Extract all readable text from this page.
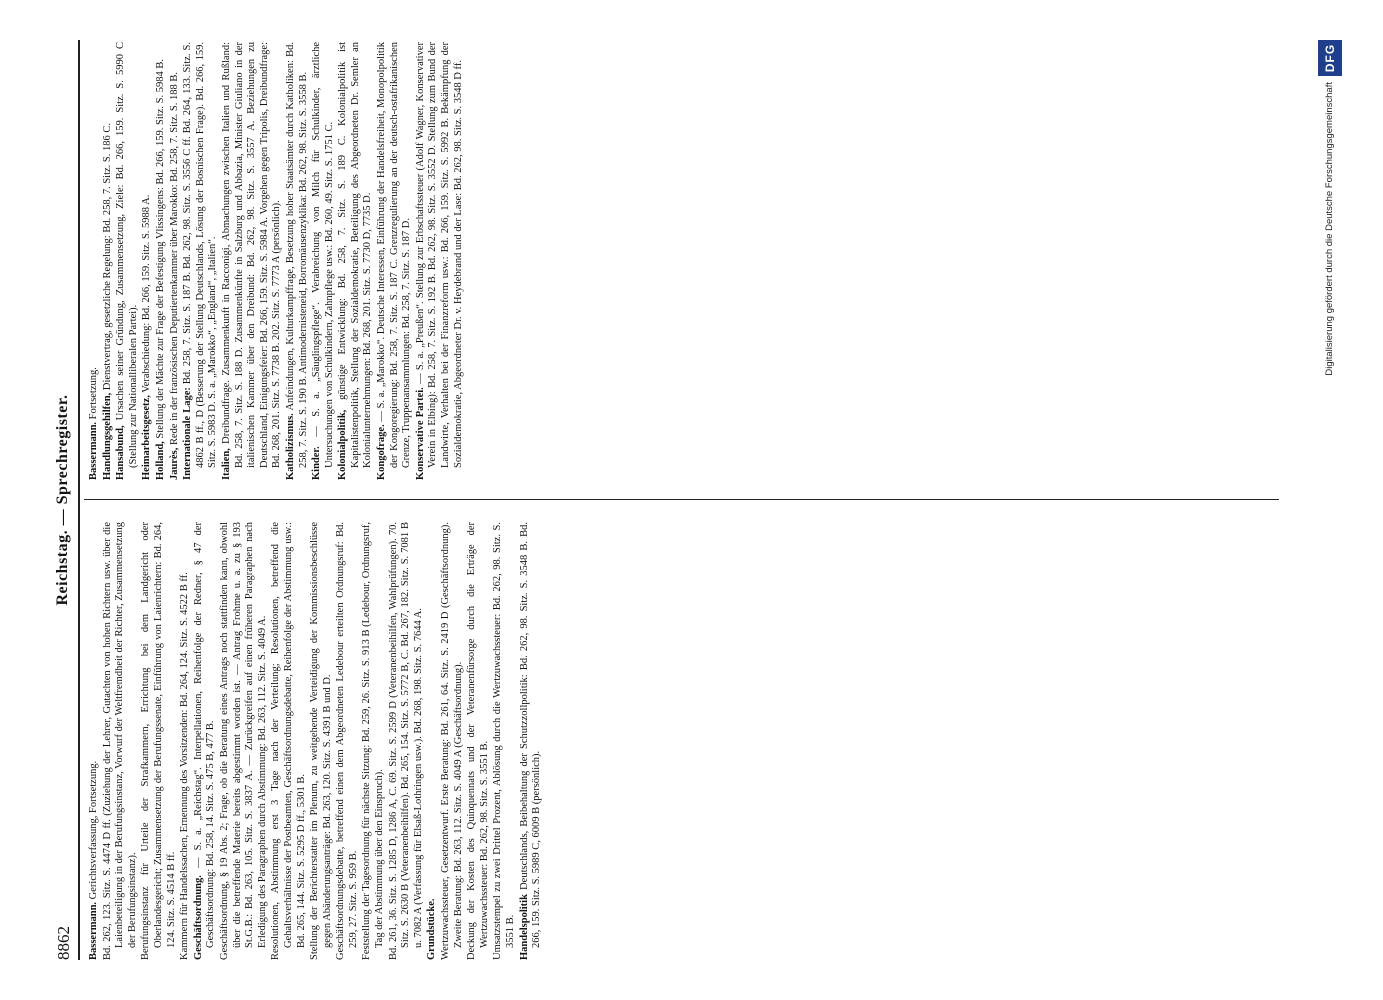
8862
Reichstag. — Sprechregister.

Bassermann. Gerichtsverfassung, Fortsetzung. Bd. 262, 123. Sitz. S. 4474 D ff. (Zuziehung der Lehrer, Gutachten von hohen Richtern usw. über die Laienbeteiligung in der Berufungsinstanz, Vorwurf der Weltfremdheit der Richter, Zusammensetzung der Berufungsinstanz). Berufungsinstanz für Urteile der Strafkammern, Errichtung bei dem Landgericht oder Oberlandesgericht; Zusammensetzung der Berufungssenate, Einführung von Laienrichtern: Bd. 264, 124. Sitz. S. 4514 B ff. Kammern für Handelssachen, Ernennung des Vorsitzenden: Bd. 264, 124. Sitz. S. 4522 B ff. Geschäftsordnung. — S. a. „Reichstag“. Interpellationen, Reihenfolge der Redner, § 47 der Geschäftsordnung: Bd. 258, 14. Sitz. S. 475 B, 477 B. Geschäftsordnung, § 19 Abs. 2; Frage, ob die Beratung eines Antrags noch stattfinden kann, obwohl über die betreffende Materie bereits abgestimmt worden ist. — Antrag Frohme u. a. zu § 193 St.G.B.: Bd. 263, 105. Sitz. S. 3837 A. — Zurückgreifen auf einen früheren Paragraphen nach Erledigung des Paragraphen durch Abstimmung: Bd. 263, 112. Sitz. S. 4049 A. Resolutionen, Abstimmung erst 3 Tage nach der Verteilung; Resolutionen, betreffend die Gehaltsverhältnisse der Postbeamten, Geschäftsordnungsdebatte, Reihenfolge der Abstimmung usw.: Bd. 265, 144. Sitz. S. 5295 D ff., 5301 B. Stellung der Berichterstatter im Plenum, zu weitgehende Verteidigung der Kommissionsbeschlüsse gegen Abänderungsanträge: Bd. 263, 120. Sitz. S. 4391 B und D. Geschäftsordnungsdebatte, betreffend einen dem Abgeordneten Ledebour erteilten Ordnungsruf: Bd. 259, 27. Sitz. S. 959 B. Feststellung der Tagesordnung für nächste Sitzung: Bd. 259, 26. Sitz. S. 913 B (Ledebour, Ordnungsruf, Tag der Abstimmung über den Einspruch). Bd. 261, 36. Sitz. S. 1285 D, 1286 A, C. 69. Sitz. S. 2599 D (Veteranenbeihilfen, Wahlprüfungen). 70. Sitz. S. 2630 B (Veteranenbeihilfen). Bd. 265, 154. Sitz. S. 5772 B, C. Bd. 267, 182. Sitz. S. 7081 B u. 7082 A (Verfassung für Elsaß-Lothringen usw.). Bd. 268, 198. Sitz. S. 7644 A. Grundstücke. Wertzuwachssteuer, Gesetzentwurf. Erste Beratung: Bd. 261, 64. Sitz. S. 2419 D (Geschäftsordnung). Zweite Beratung: Bd. 263, 112. Sitz. S. 4049 A (Geschäftsordnung). Deckung der Kosten des Quinquennats und der Veteranenfürsorge durch die Erträge der Wertzuwachssteuer: Bd. 262, 98. Sitz. S. 3551 B. Umsatzstempel zu zwei Drittel Prozent, Ablösung durch die Wertzuwachssteuer: Bd. 262, 98. Sitz. S. 3551 B. Handelspolitik Deutschlands, Beibehaltung der Schutzzollpolitik: Bd. 262, 98. Sitz. S. 3548 B. Bd. 266, 159. Sitz. S. 5989 C, 6009 B (persönlich).

Bassermann. Fortsetzung. Handlungsgehilfen, Dienstvertrag, gesetzliche Regelung: Bd. 258, 7. Sitz. S. 186 C.

Hansabund, Ursachen seiner Gründung, Zusammensetzung, Ziele: Bd. 266, 159. Sitz. S. 5990 C (Stellung zur Nationalliberalen Partei). Heimarbeitsgesetz, Verabschiedung: Bd. 266, 159. Sitz. S. 5988 A.

Holland, Stellung der Mächte zur Frage der Befestigung Vlissingens: Bd. 266, 159. Sitz. S. 5984 B.

Jaurès, Rede in der französischen Deputiertenkammer über Marokko: Bd. 258, 7. Sitz. S. 188 B. Internationale Lage: Bd. 258, 7. Sitz. S. 187 B. Bd. 262, 98. Sitz. S. 3556 C ff. Bd. 264, 133. Sitz. S. 4862 B ff., D (Besserung der Stellung Deutschlands, Lösung der Bosnischen Frage). Bd. 266, 159. Sitz. S. 5983 D. S. a. „Marokko“, „England“, „Italien“. Italien, Dreibundfrage. Zusammenkunft in Racconigi, Abmachungen zwischen Italien und Rußland: Bd. 258, 7. Sitz. S. 188 D. Zusammenkünfte in Salzburg und Abbazia, Minister Giuliano in der italienischen Kammer über den Dreibund: Bd. 262, 98. Sitz. S. 3557 A. Beziehungen zu Deutschland, Einigungsfeier: Bd. 266, 159. Sitz. S. 5984 A. Vorgehen gegen Tripolis, Dreibundfrage: Bd. 268, 201. Sitz. S. 7738 B. 202. Sitz. S. 7773 A (persönlich). Katholizismus. Anfeindungen, Kulturkampffrage, Besetzung hoher Staatsämter durch Katholiken: Bd. 258, 7. Sitz. S. 190 B. Antimodernisteneid, Borromäusenzyklika: Bd. 262, 98. Sitz. S. 3558 B. Kinder. — S. a. „Säuglingspflege“. Verabreichung von Milch für Schulkinder, ärztliche Untersuchungen von Schulkindern, Zahnpflege usw.: Bd. 260, 49. Sitz. S. 1751 C. Kolonialpolitik, günstige Entwicklung: Bd. 258, 7. Sitz. S. 189 C. Kolonialpolitik ist Kapitalistenpolitik, Stellung der Sozialdemokratie, Beteiligung des Abgeordneten Dr. Semler an Kolonialunternehmungen: Bd. 268, 201. Sitz. S. 7730 D, 7735 D. Kongofrage. — S. a. „Marokko“. Deutsche Interessen, Einführung der Handelsfreiheit, Monopolpolitik der Kongoregierung: Bd. 258, 7. Sitz. S. 187 C. Grenzregulierung an der deutsch-ostafrikanischen Grenze, Truppenansammlungen: Bd. 258, 7. Sitz. S. 187 D. Konservative Partei. — S. a. „Preußen“. Stellung zur Erbschaftssteuer (Adolf Wagner, Konservativer Verein in Elbing): Bd. 258, 7. Sitz. S. 192 B. Bd. 262, 98. Sitz. S. 3552 D. Stellung zum Bund der Landwirte, Verhalten bei der Finanzreform usw.: Bd. 266, 159. Sitz. S. 5992 B. Bekämpfung der Sozialdemokratie, Abgeordneter Dr. v. Heydebrand und der Lase: Bd. 262, 98. Sitz. S. 3548 D ff.	Digitalisierung gefördert durch die Deutsche Forschungsgemeinschaft
DFG
